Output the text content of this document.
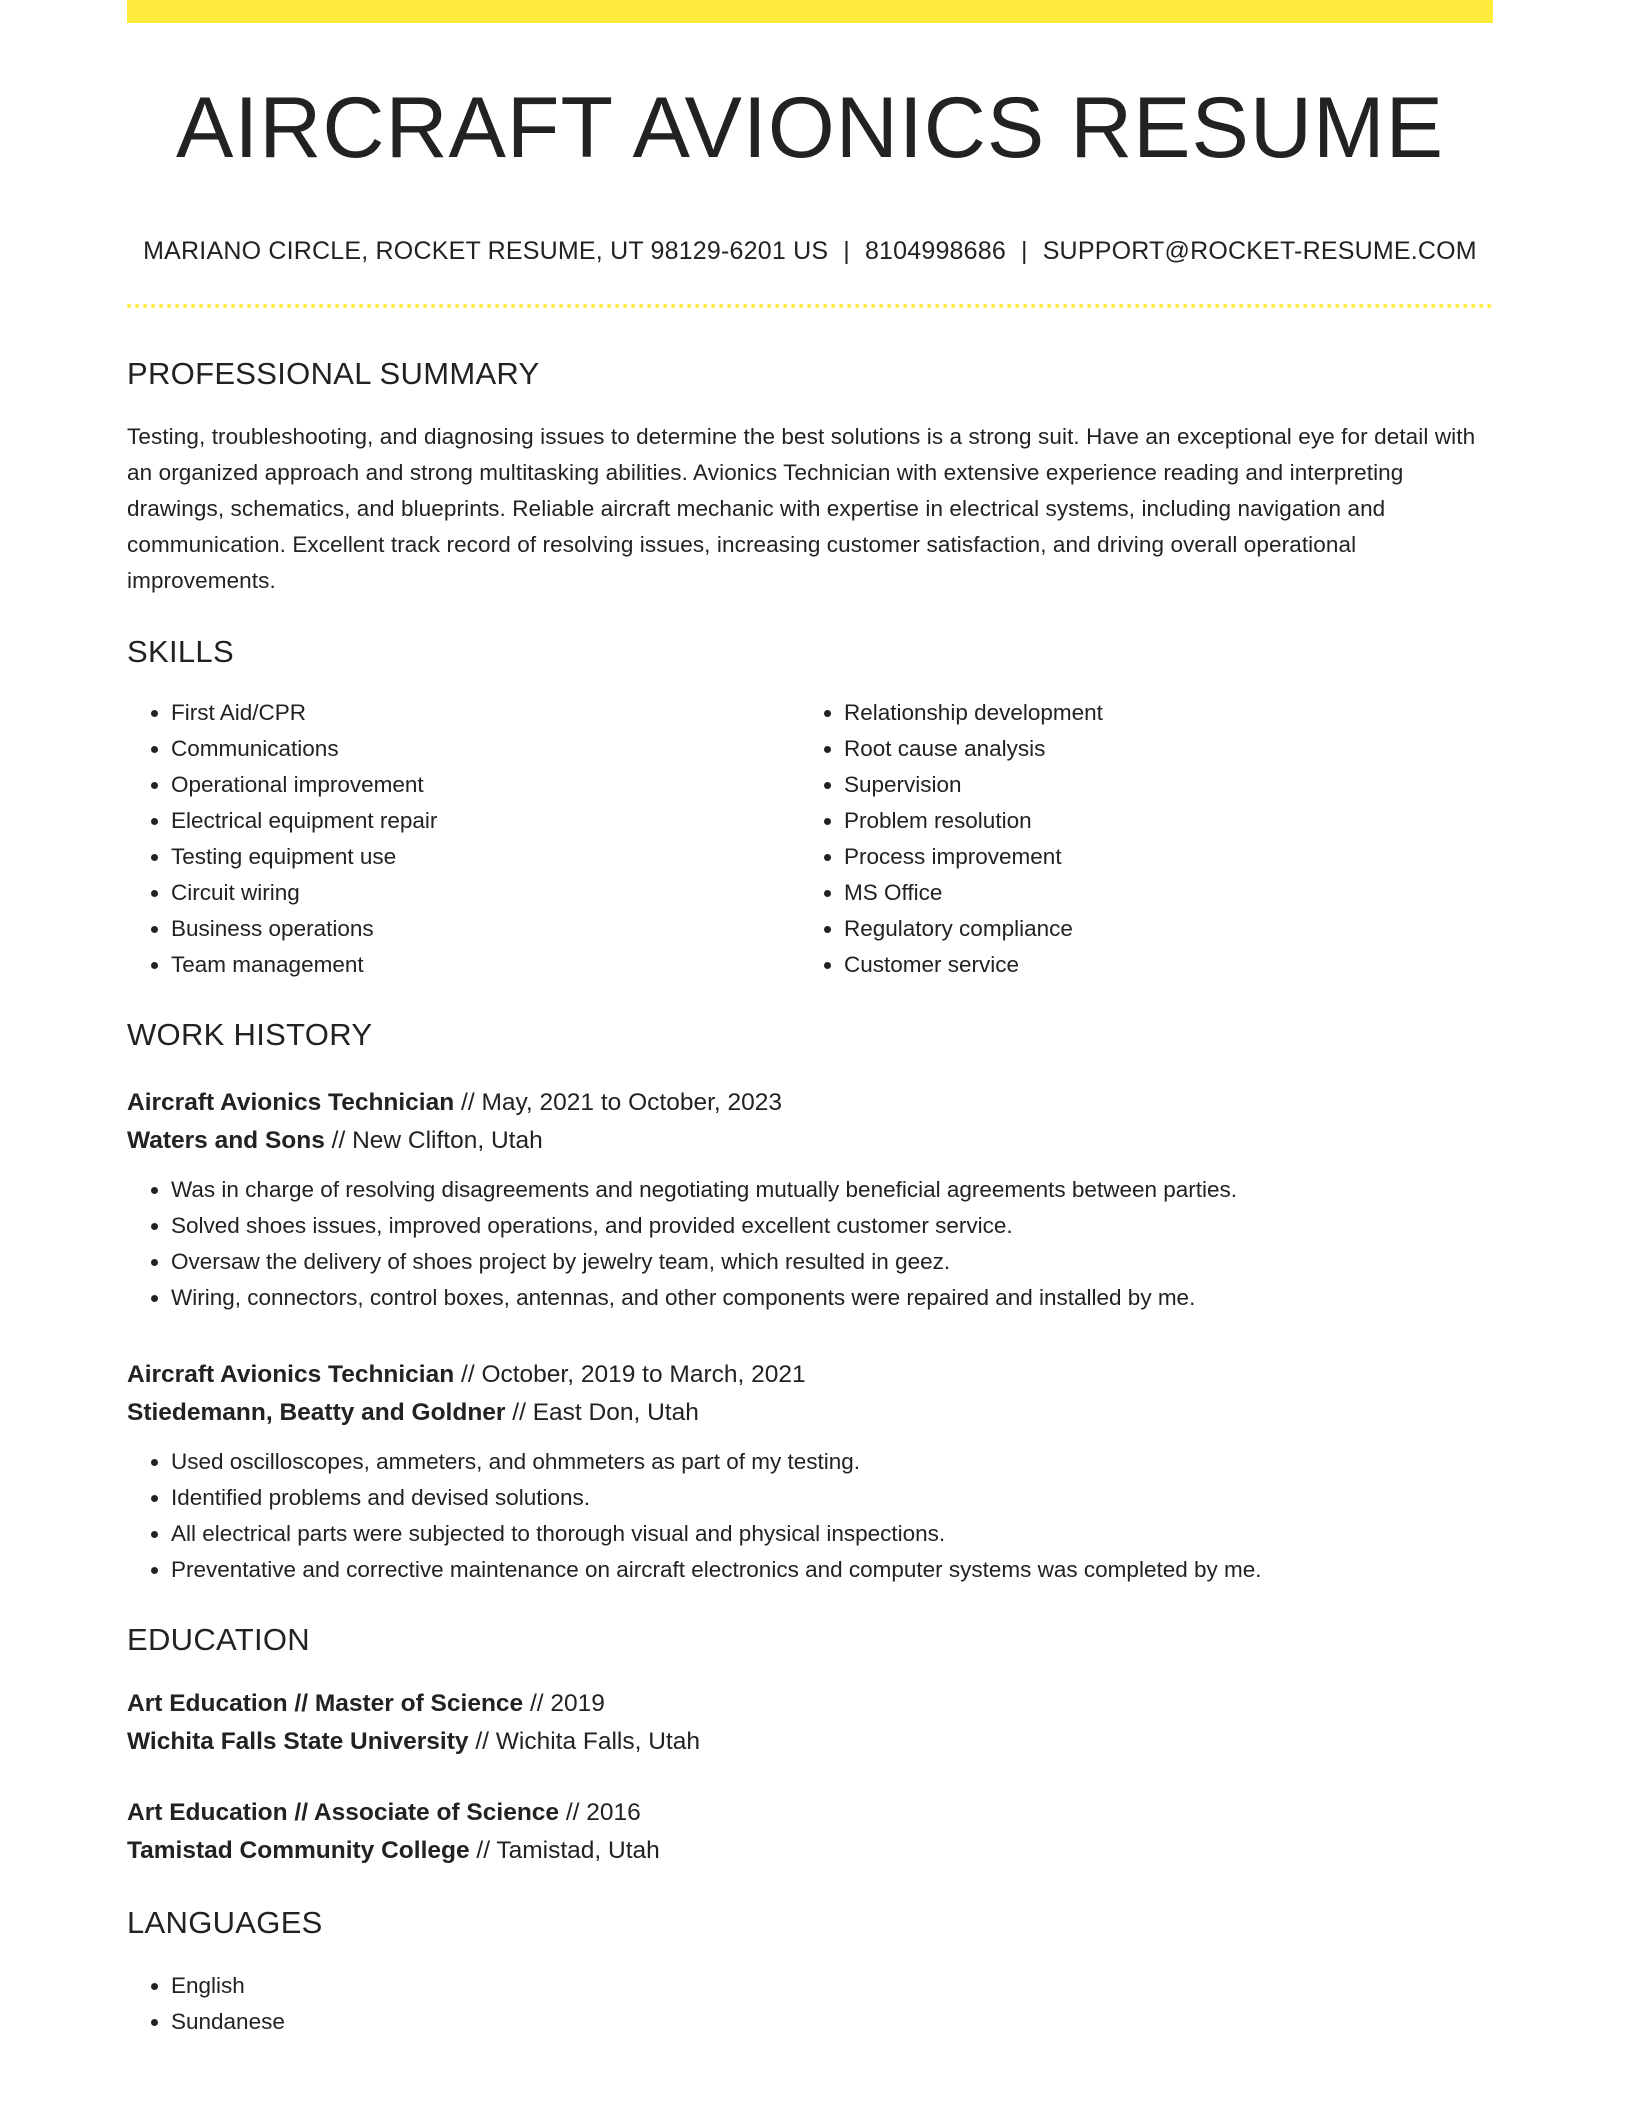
AIRCRAFT AVIONICS RESUME
MARIANO CIRCLE, ROCKET RESUME, UT 98129-6201 US | 8104998686 | SUPPORT@ROCKET-RESUME.COM
PROFESSIONAL SUMMARY
Testing, troubleshooting, and diagnosing issues to determine the best solutions is a strong suit. Have an exceptional eye for detail with an organized approach and strong multitasking abilities. Avionics Technician with extensive experience reading and interpreting drawings, schematics, and blueprints. Reliable aircraft mechanic with expertise in electrical systems, including navigation and communication. Excellent track record of resolving issues, increasing customer satisfaction, and driving overall operational improvements.
SKILLS
• First Aid/CPR
• Communications
• Operational improvement
• Electrical equipment repair
• Testing equipment use
• Circuit wiring
• Business operations
• Team management
• Relationship development
• Root cause analysis
• Supervision
• Problem resolution
• Process improvement
• MS Office
• Regulatory compliance
• Customer service
WORK HISTORY
Aircraft Avionics Technician // May, 2021 to October, 2023
Waters and Sons // New Clifton, Utah
• Was in charge of resolving disagreements and negotiating mutually beneficial agreements between parties.
• Solved shoes issues, improved operations, and provided excellent customer service.
• Oversaw the delivery of shoes project by jewelry team, which resulted in geez.
• Wiring, connectors, control boxes, antennas, and other components were repaired and installed by me.
Aircraft Avionics Technician // October, 2019 to March, 2021
Stiedemann, Beatty and Goldner // East Don, Utah
• Used oscilloscopes, ammeters, and ohmmeters as part of my testing.
• Identified problems and devised solutions.
• All electrical parts were subjected to thorough visual and physical inspections.
• Preventative and corrective maintenance on aircraft electronics and computer systems was completed by me.
EDUCATION
Art Education // Master of Science // 2019
Wichita Falls State University // Wichita Falls, Utah
Art Education // Associate of Science // 2016
Tamistad Community College // Tamistad, Utah
LANGUAGES
• English
• Sundanese
